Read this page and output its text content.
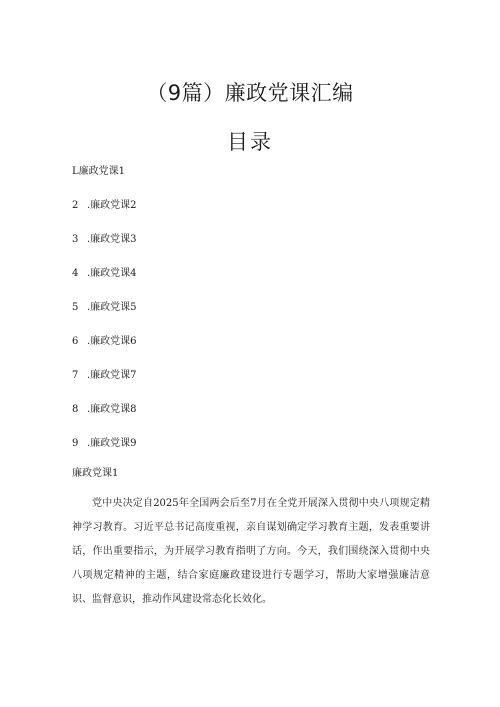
（9篇）廉政党课汇编
目录
L廉政党课1
2 .廉政党课2
3 .廉政党课3
4 .廉政党课4
5 .廉政党课5
6 .廉政党课6
7 .廉政党课7
8 .廉政党课8
9 .廉政党课9
廉政党课1

党中央决定自2025年全国两会后至7月在全党开展深入贯彻中央八项规定精神学习教育。习近平总书记高度重视，亲自谋划确定学习教育主题，发表重要讲话，作出重要指示，为开展学习教育指明了方向。今天，我们围绕深入贯彻中央八项规定精神的主题，结合家庭廉政建设进行专题学习，帮助大家增强廉洁意识、监督意识，推动作风建设常态化长效化。
